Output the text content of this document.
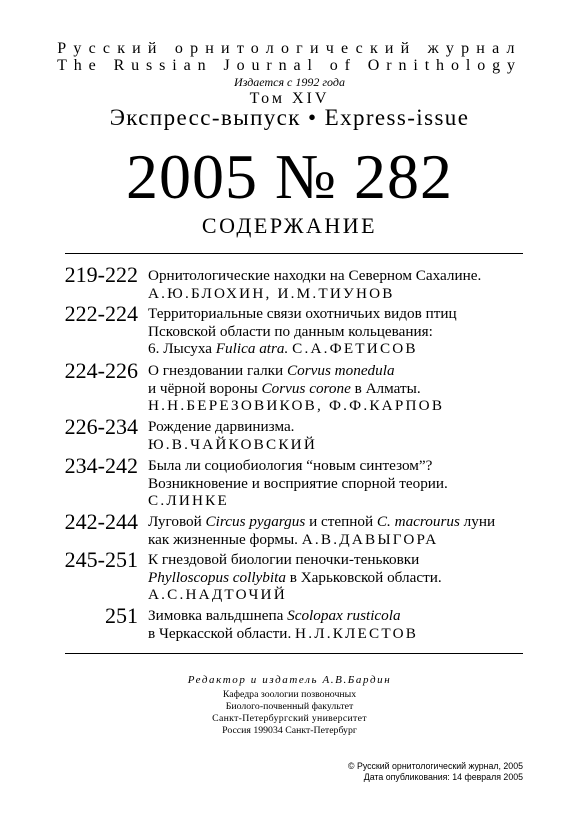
Русский орнитологический журнал
The Russian Journal of Ornithology
Издается с 1992 года
Том XIV
Экспресс-выпуск • Express-issue
2005 № 282
СОДЕРЖАНИЕ
219-222 Орнитологические находки на Северном Сахалине.
А.Ю.БЛОХИН, И.М.ТИУНОВ
222-224 Территориальные связи охотничьих видов птиц
Псковской области по данным кольцевания:
6. Лысуха Fulica atra. С.А.ФЕТИСОВ
224-226 О гнездовании галки Corvus monedula
и чёрной вороны Corvus corone в Алматы.
Н.Н.БЕРЕЗОВИКОВ, Ф.Ф.КАРПОВ
226-234 Рождение дарвинизма.
Ю.В.ЧАЙКОВСКИЙ
234-242 Была ли социобиология “новым синтезом”?
Возникновение и восприятие спорной теории.
С.ЛИНКЕ
242-244 Луговой Circus pygargus и степной C. macrourus луни
как жизненные формы. А.В.ДАВЫГОРА
245-251 К гнездовой биологии пеночки-теньковки
Phylloscopus collybita в Харьковской области.
А.С.НАДТОЧИЙ
251 Зимовка вальдшнепа Scolopax rusticola
в Черкасской области. Н.Л.КЛЕСТОВ
Редактор и издатель А.В.Бардин
Кафедра зоологии позвоночных
Биолого-почвенный факультет
Санкт-Петербургский университет
Россия 199034 Санкт-Петербург
© Русский орнитологический журнал, 2005
Дата опубликования: 14 февраля 2005
